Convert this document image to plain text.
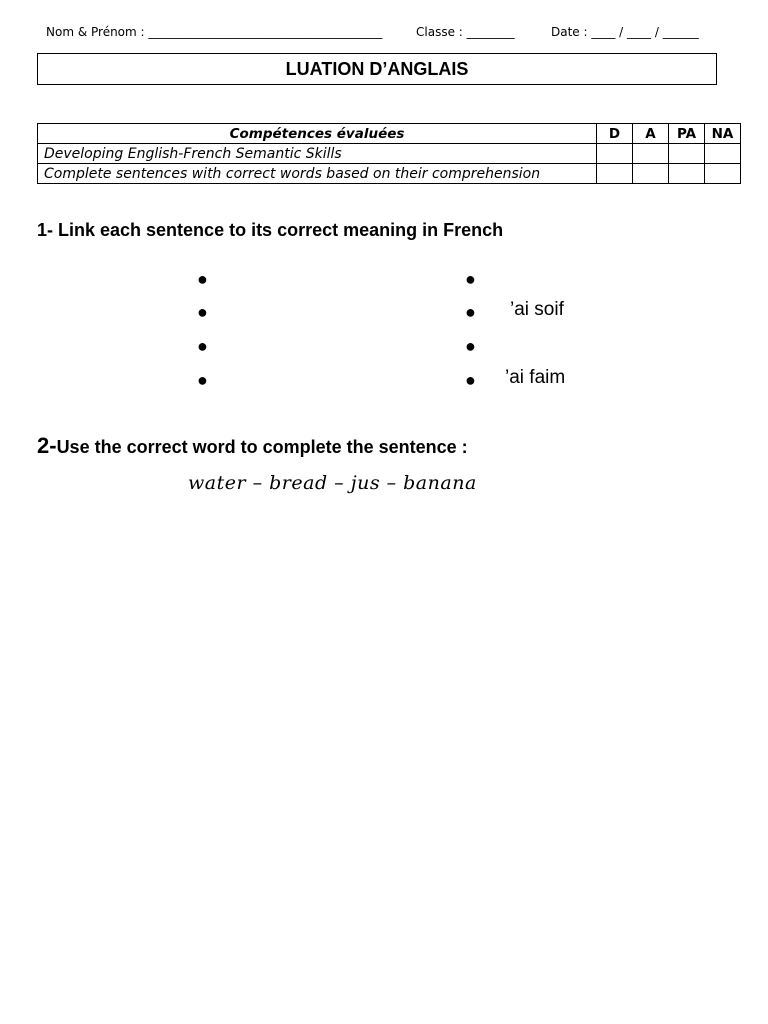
Nom & Prénom : _______________________________________

	Classe : ________

	Date : ____ / ____ / ______

LUATION D’ANGLAIS
Compétences évaluées	D	A	PA	NA
Developing English-French Semantic Skills				
Complete sentences with correct words based on their comprehension				
1- Link each sentence to its correct meaning in French
●
●
●
●
●
●
●
●
’ai soif
’ai faim
2-Use the correct word to complete the sentence :
water – bread – jus – banana
